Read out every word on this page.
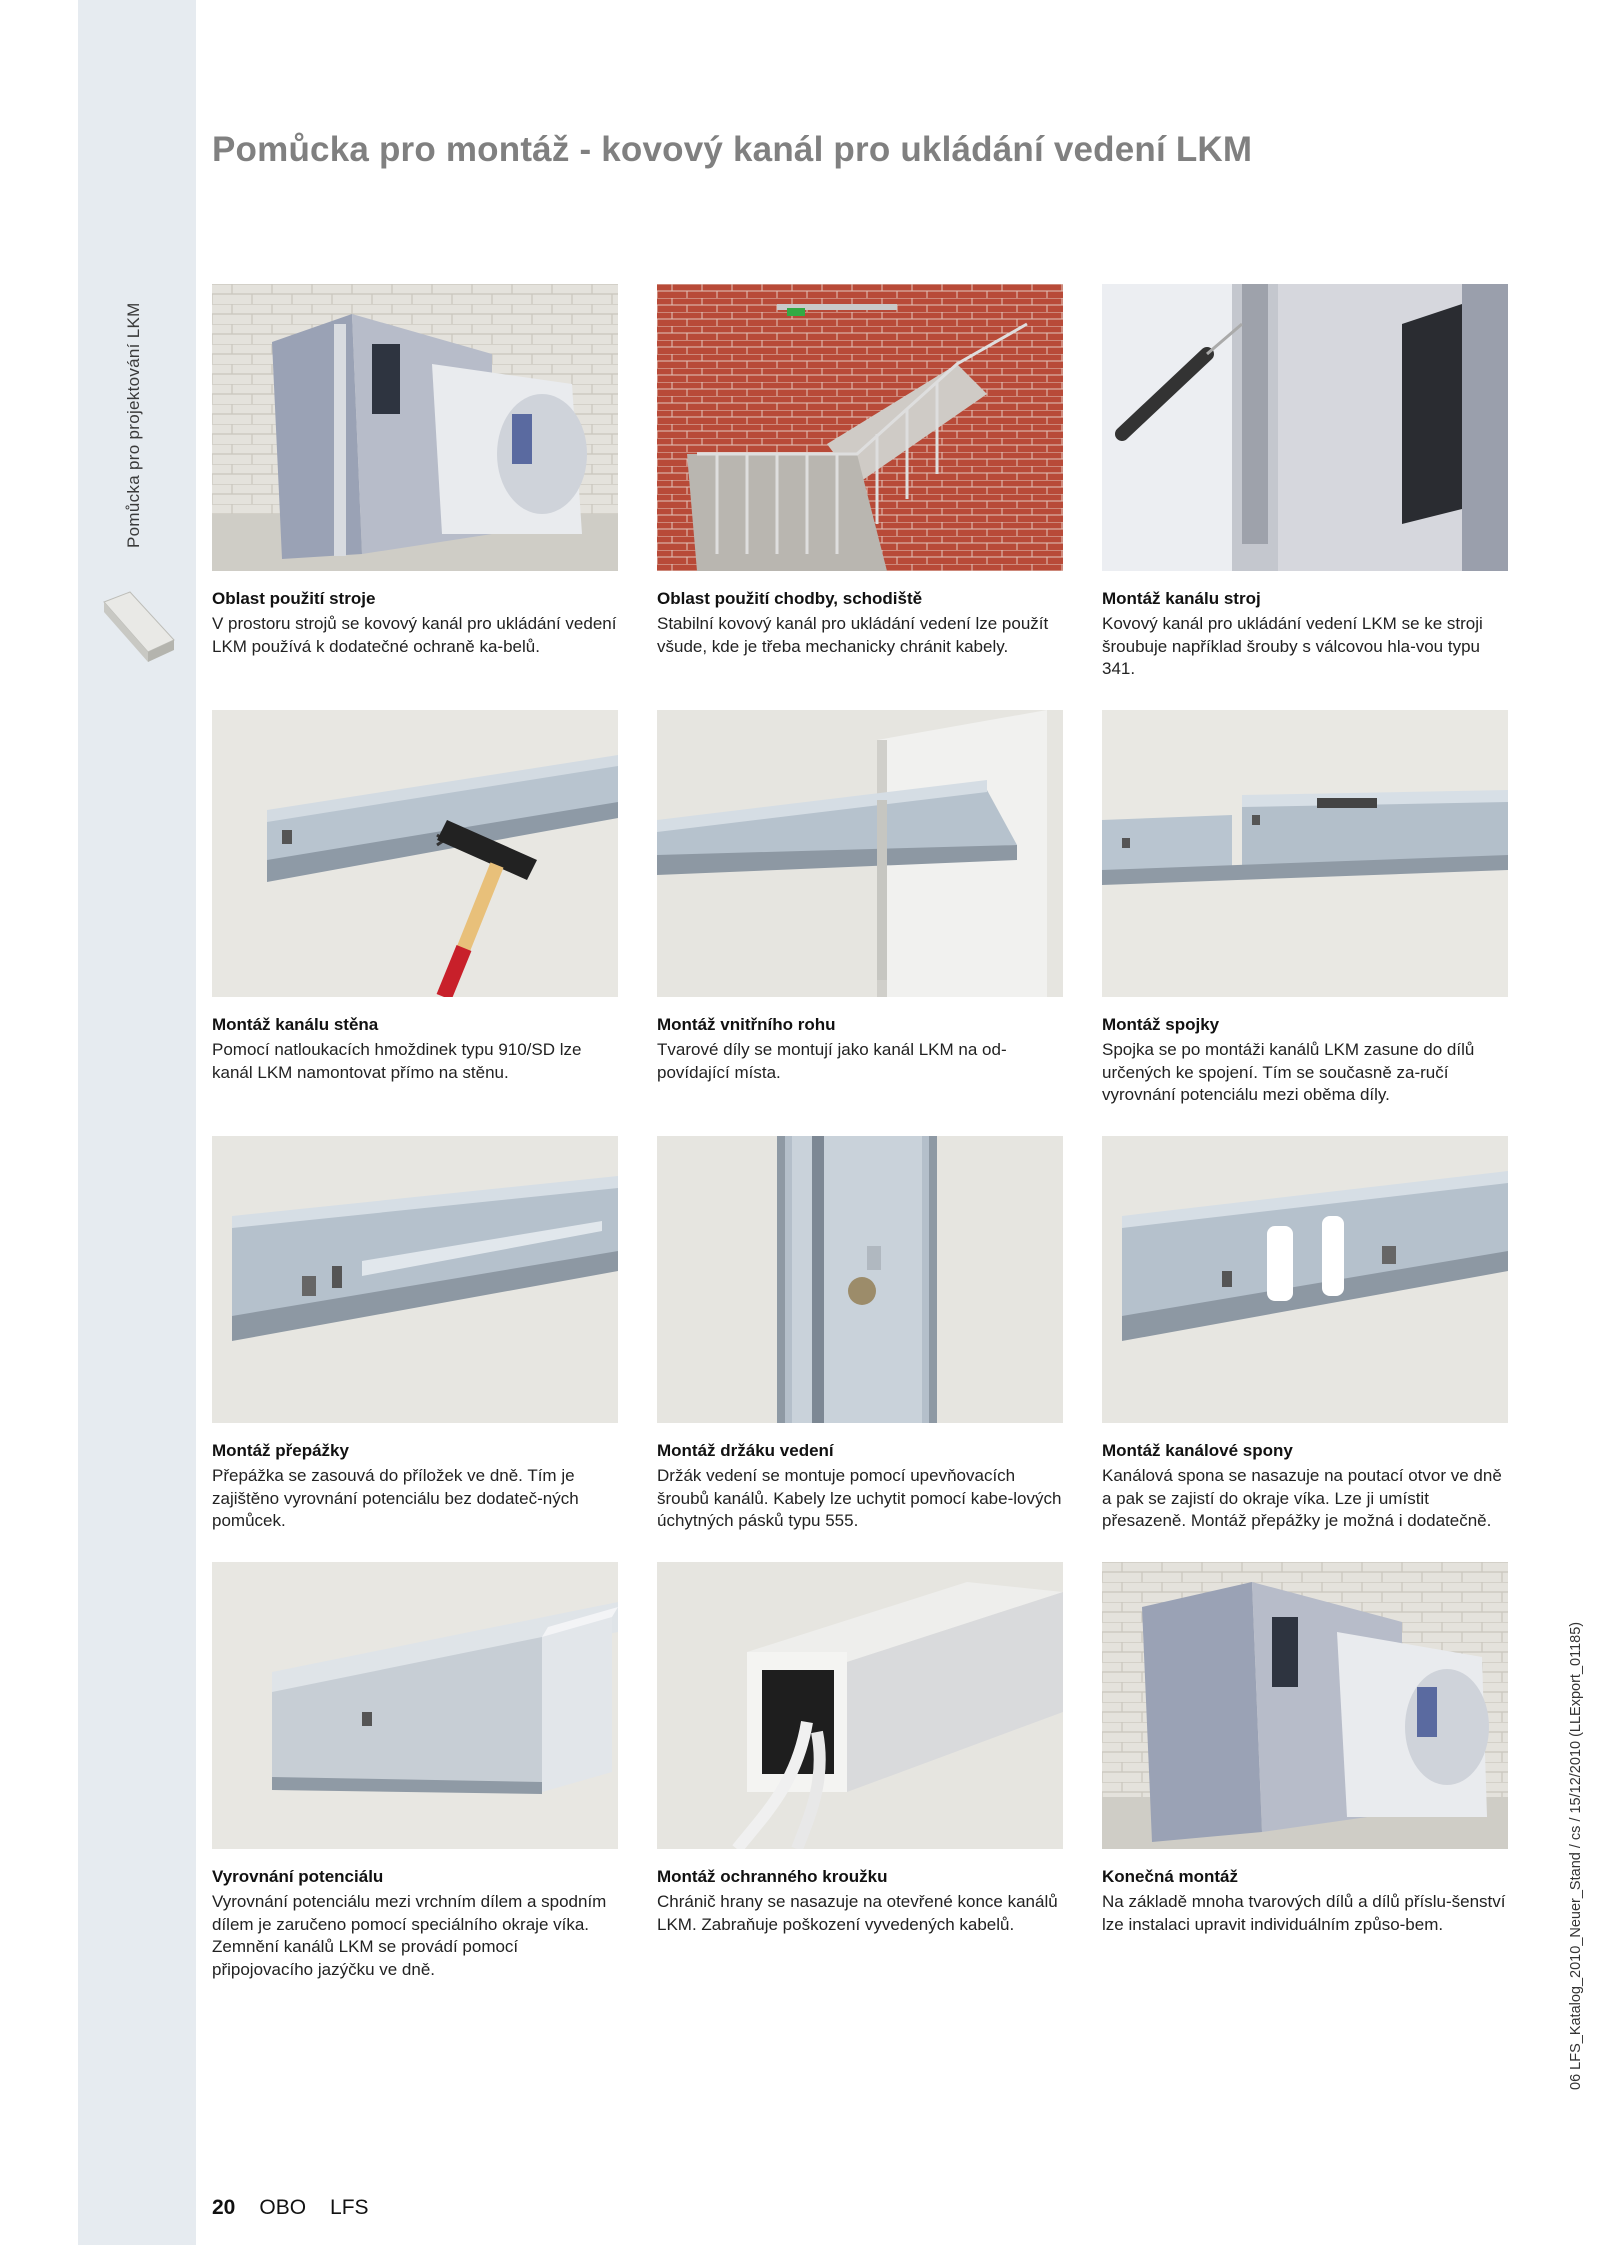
Pomůcka pro projektování LKM
Pomůcka pro montáž - kovový kanál pro ukládání vedení LKM
Oblast použití stroje
V prostoru strojů se kovový kanál pro ukládání vedení LKM používá k dodatečné ochraně ka-belů.
Oblast použití chodby, schodiště
Stabilní kovový kanál pro ukládání vedení lze použít všude, kde je třeba mechanicky chránit kabely.
Montáž kanálu stroj
Kovový kanál pro ukládání vedení LKM se ke stroji šroubuje například šrouby s válcovou hla-vou typu 341.
Montáž kanálu stěna
Pomocí natloukacích hmoždinek typu 910/SD lze kanál LKM namontovat přímo na stěnu.
Montáž vnitřního rohu
Tvarové díly se montují jako kanál LKM na od-povídající místa.
Montáž spojky
Spojka se po montáži kanálů LKM zasune do dílů určených ke spojení. Tím se současně za-ručí vyrovnání potenciálu mezi oběma díly.
Montáž přepážky
Přepážka se zasouvá do příložek ve dně. Tím je zajištěno vyrovnání potenciálu bez dodateč-ných pomůcek.
Montáž držáku vedení
Držák vedení se montuje pomocí upevňovacích šroubů kanálů. Kabely lze uchytit pomocí kabe-lových úchytných pásků typu 555.
Montáž kanálové spony
Kanálová spona se nasazuje na poutací otvor ve dně a pak se zajistí do okraje víka. Lze ji umístit přesazeně. Montáž přepážky je možná i dodatečně.
Vyrovnání potenciálu
Vyrovnání potenciálu mezi vrchním dílem a spodním dílem je zaručeno pomocí speciálního okraje víka. Zemnění kanálů LKM se provádí pomocí připojovacího jazýčku ve dně.
Montáž ochranného kroužku
Chránič hrany se nasazuje na otevřené konce kanálů LKM. Zabraňuje poškození vyvedených kabelů.
Konečná montáž
Na základě mnoha tvarových dílů a dílů příslu-šenství lze instalaci upravit individuálním způso-bem.	06 LFS_Katalog_2010_Neuer_Stand / cs / 15/12/2010 (LLExport_01185)
20 OBO LFS
